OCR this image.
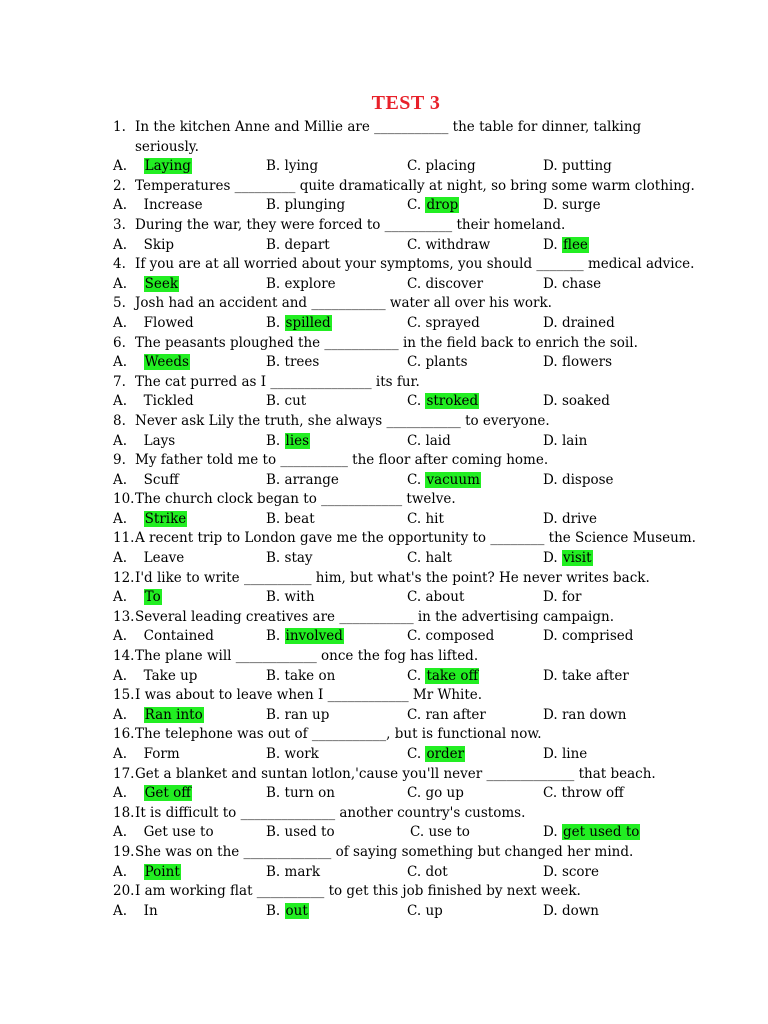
TEST 3
1. In the kitchen Anne and Millie are ___________ the table for dinner, talking
seriously.
A. Laying	B. lying	C. placing	D. putting
2. Temperatures _________ quite dramatically at night, so bring some warm clothing.
A. Increase	B. plunging	C. drop	D. surge
3. During the war, they were forced to __________ their homeland.
A. Skip	B. depart	C. withdraw	D. flee
4. If you are at all worried about your symptoms, you should _______ medical advice.
A. Seek	B. explore	C. discover	D. chase
5. Josh had an accident and ___________ water all over his work.
A. Flowed	B. spilled	C. sprayed	D. drained
6. The peasants ploughed the ___________ in the field back to enrich the soil.
A. Weeds	B. trees	C. plants	D. flowers
7. The cat purred as I _______________ its fur.
A. Tickled	B. cut	C. stroked	D. soaked
8. Never ask Lily the truth, she always ___________ to everyone.
A. Lays	B. lies	C. laid	D. lain
9. My father told me to __________ the floor after coming home.
A. Scuff	B. arrange	C. vacuum	D. dispose
10. The church clock began to ____________ twelve.
A. Strike	B. beat	C. hit	D. drive
11. A recent trip to London gave me the opportunity to ________ the Science Museum.
A. Leave	B. stay	C. halt	D. visit
12. I'd like to write __________ him, but what's the point? He never writes back.
A. To	B. with	C. about	D. for
13. Several leading creatives are ___________ in the advertising campaign.
A. Contained	B. involved	C. composed	D. comprised
14. The plane will ____________ once the fog has lifted.
A. Take up	B. take on	C. take off	D. take after
15. I was about to leave when I ____________ Mr White.
A. Ran into	B. ran up	C. ran after	D. ran down
16. The telephone was out of ___________, but is functional now.
A. Form	B. work	C. order	D. line
17. Get a blanket and suntan lotlon,'cause you'll never _____________ that beach.
A. Get off	B. turn on	C. go up	C. throw off
18. It is difficult to ______________ another country's customs.
A. Get use to	B. used to	C. use to	D. get used to
19. She was on the _____________ of saying something but changed her mind.
A. Point	B. mark	C. dot	D. score
20. I am working flat __________ to get this job finished by next week.
A. In	B. out	C. up	D. down
